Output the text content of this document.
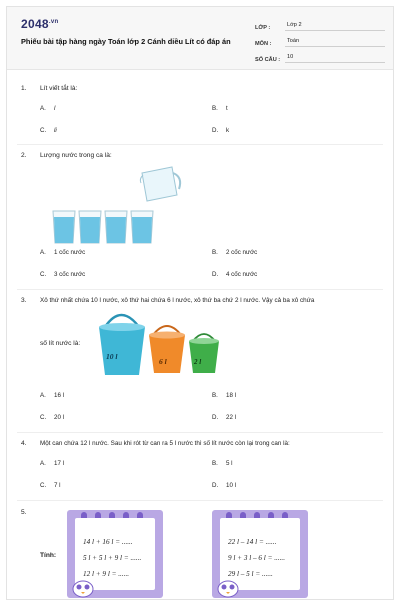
$2048^{.vn}$
Phiếu bài tập hàng ngày Toán lớp 2 Cánh diều Lít có đáp án
LỚP :	Lớp 2
MÔN :	Toán
SỐ CÂU :	10
1. Lít viết tắt là:
A. l	B. t
C. li	D. k
2. Lượng nước trong ca là:
A. 1 cốc nước	B. 2 cốc nước
C. 3 cốc nước	D. 4 cốc nước
3. Xô thứ nhất chứa 10 l nước, xô thứ hai chứa 6 l nước, xô thứ ba chứ 2 l nước. Vậy cả ba xô chứa
số lít nước là:
10 l
6 l	2 l
A. 16 l	B. 18 l
C. 20 l	D. 22 l
4. Một can chứa 12 l nước. Sau khi rót từ can ra 5 l nước thì số lít nước còn lại trong can là:
A. 17 l	B. 5 l
C. 7 l	D. 10 l
5.
Tính:
14 l + 16 l = ......
5 l + 5 l + 9 l = ......
12 l + 9 l = ......
22 l – 14 l = ......
9 l + 3 l – 6 l = ......
29 l – 5 l = ......
